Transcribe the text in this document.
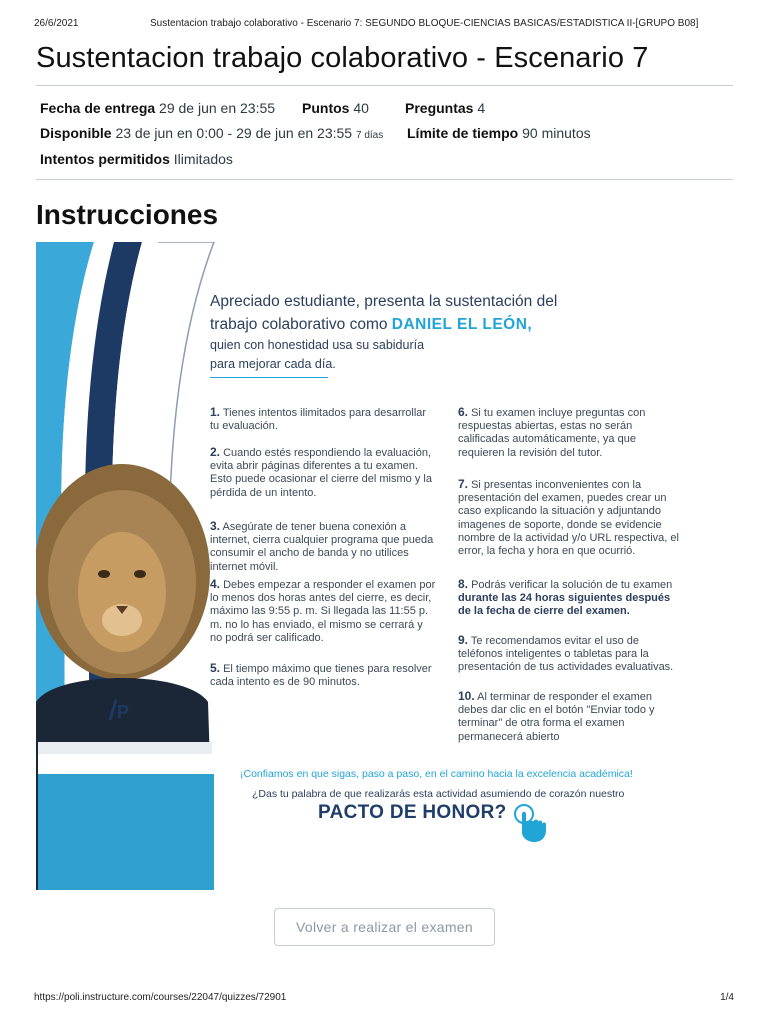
26/6/2021	Sustentacion trabajo colaborativo - Escenario 7: SEGUNDO BLOQUE-CIENCIAS BASICAS/ESTADISTICA II-[GRUPO B08]
Sustentacion trabajo colaborativo - Escenario 7
Fecha de entrega 29 de jun en 23:55 Puntos 40	Preguntas 4
Disponible 23 de jun en 0:00 - 29 de jun en 23:55 7 días Límite de tiempo 90 minutos
Intentos permitidos Ilimitados
Instrucciones
P
Apreciado estudiante, presenta la sustentación del
trabajo colaborativo como DANIEL EL LEÓN,
quien con honestidad usa su sabiduría
para mejorar cada día.
1. Tienes intentos ilimitados para desarrollar tu evaluación.
2. Cuando estés respondiendo la evaluación, evita abrir páginas diferentes a tu examen. Esto puede ocasionar el cierre del mismo y la pérdida de un intento.
3. Asegúrate de tener buena conexión a internet, cierra cualquier programa que pueda consumir el ancho de banda y no utilices internet móvil.
4. Debes empezar a responder el examen por lo menos dos horas antes del cierre, es decir, máximo las 9:55 p. m. Si llegada las 11:55 p. m. no lo has enviado, el mismo se cerrará y no podrá ser calificado.
5. El tiempo máximo que tienes para resolver cada intento es de 90 minutos.
6. Si tu examen incluye preguntas con respuestas abiertas, estas no serán calificadas automáticamente, ya que requieren la revisión del tutor.
7. Si presentas inconvenientes con la presentación del examen, puedes crear un caso explicando la situación y adjuntando imagenes de soporte, donde se evidencie nombre de la actividad y/o URL respectiva, el error, la fecha y hora en que ocurrió.
8. Podrás verificar la solución de tu examen durante las 24 horas siguientes después de la fecha de cierre del examen.
9. Te recomendamos evitar el uso de teléfonos inteligentes o tabletas para la presentación de tus actividades evaluativas.
10. Al terminar de responder el examen debes dar clic en el botón "Enviar todo y terminar" de otra forma el examen permanecerá abierto
¡Confiamos en que sigas, paso a paso, en el camino hacia la excelencia académica!
¿Das tu palabra de que realizarás esta actividad asumiendo de corazón nuestro
PACTO DE HONOR?
Volver a realizar el examen
https://poli.instructure.com/courses/22047/quizzes/72901	1/4
